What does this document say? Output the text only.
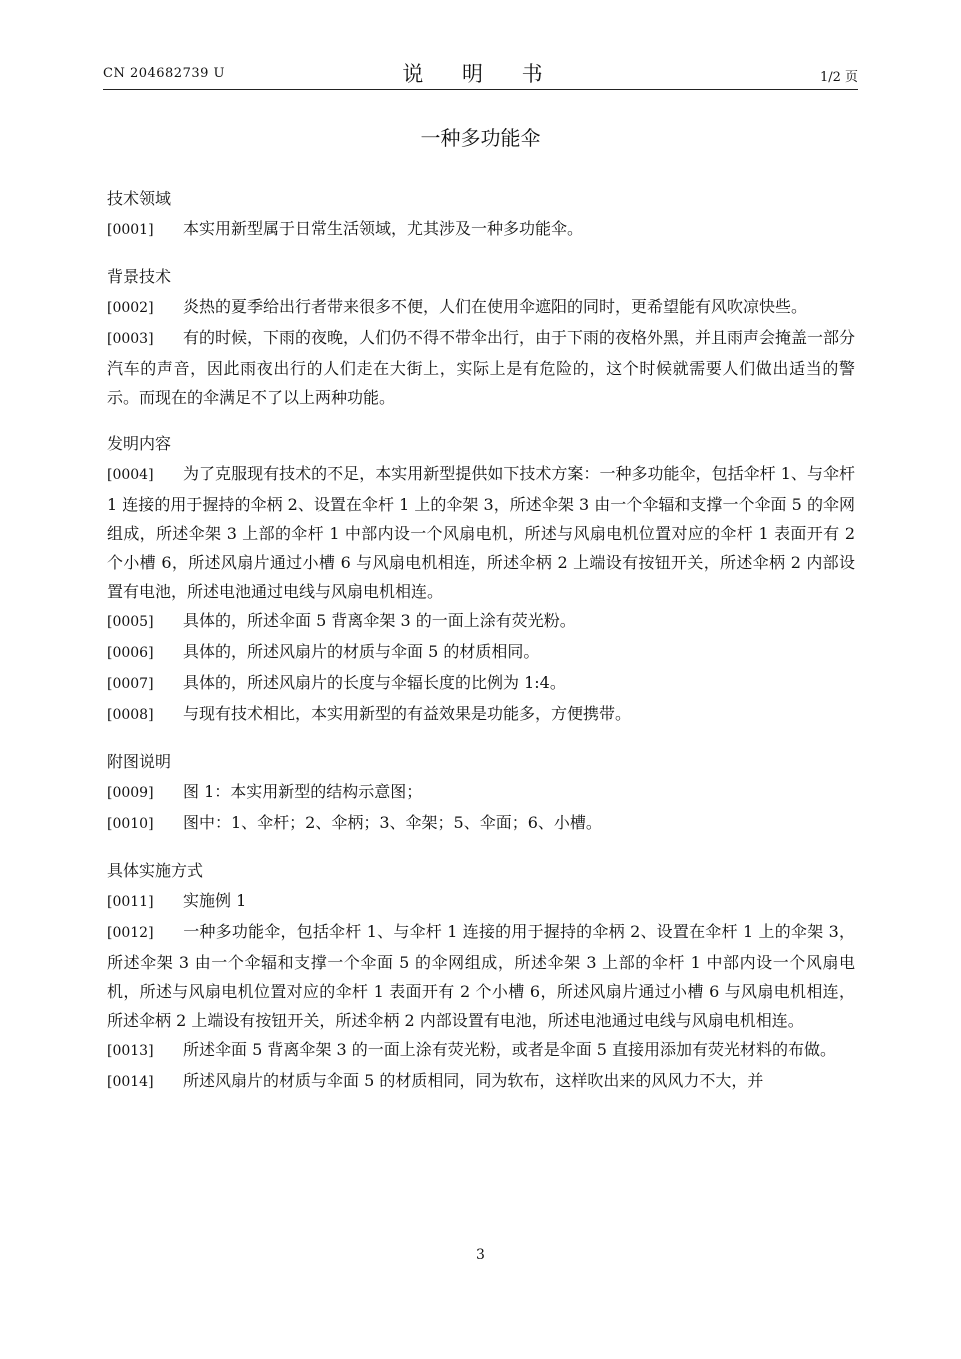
CN 204682739 U	说 明 书	1/2 页
一种多功能伞
技术领域

[0001] 本实用新型属于日常生活领域，尤其涉及一种多功能伞。

背景技术

[0002] 炎热的夏季给出行者带来很多不便，人们在使用伞遮阳的同时，更希望能有风吹凉快些。

[0003] 有的时候，下雨的夜晚，人们仍不得不带伞出行，由于下雨的夜格外黑，并且雨声会掩盖一部分汽车的声音，因此雨夜出行的人们走在大街上，实际上是有危险的，这个时候就需要人们做出适当的警示。而现在的伞满足不了以上两种功能。

发明内容

[0004] 为了克服现有技术的不足，本实用新型提供如下技术方案：一种多功能伞，包括伞杆 1、与伞杆 1 连接的用于握持的伞柄 2、设置在伞杆 1 上的伞架 3，所述伞架 3 由一个伞辐和支撑一个伞面 5 的伞网组成，所述伞架 3 上部的伞杆 1 中部内设一个风扇电机，所述与风扇电机位置对应的伞杆 1 表面开有 2 个小槽 6，所述风扇片通过小槽 6 与风扇电机相连，所述伞柄 2 上端设有按钮开关，所述伞柄 2 内部设置有电池，所述电池通过电线与风扇电机相连。

[0005] 具体的，所述伞面 5 背离伞架 3 的一面上涂有荧光粉。

[0006] 具体的，所述风扇片的材质与伞面 5 的材质相同。

[0007] 具体的，所述风扇片的长度与伞辐长度的比例为 1:4。

[0008] 与现有技术相比，本实用新型的有益效果是功能多，方便携带。

附图说明

[0009] 图 1：本实用新型的结构示意图；

[0010] 图中：1、伞杆；2、伞柄；3、伞架；5、伞面；6、小槽。

具体实施方式

[0011] 实施例 1

[0012] 一种多功能伞，包括伞杆 1、与伞杆 1 连接的用于握持的伞柄 2、设置在伞杆 1 上的伞架 3，所述伞架 3 由一个伞辐和支撑一个伞面 5 的伞网组成，所述伞架 3 上部的伞杆 1 中部内设一个风扇电机，所述与风扇电机位置对应的伞杆 1 表面开有 2 个小槽 6，所述风扇片通过小槽 6 与风扇电机相连，所述伞柄 2 上端设有按钮开关，所述伞柄 2 内部设置有电池，所述电池通过电线与风扇电机相连。

[0013] 所述伞面 5 背离伞架 3 的一面上涂有荧光粉，或者是伞面 5 直接用添加有荧光材料的布做。

[0014] 所述风扇片的材质与伞面 5 的材质相同，同为软布，这样吹出来的风风力不大，并

3
